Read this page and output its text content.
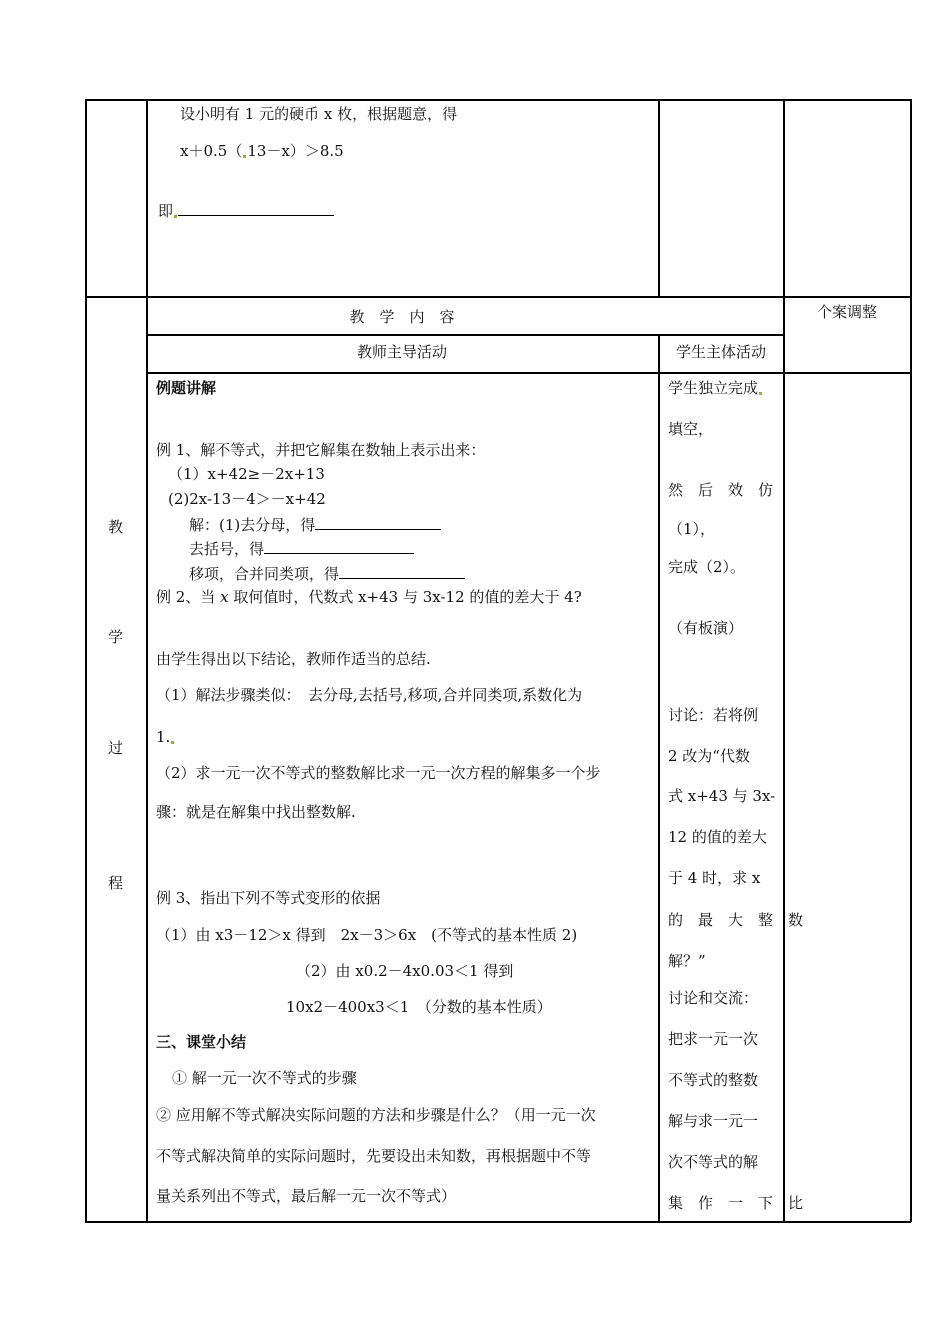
设小明有 1 元的硬币 x 枚，根据题意，得
x＋0.5（ 13－x）＞8.5
即
教　学　内　容	个案调整
教师主导活动	学生主体活动
教
学
过
程
例题讲解
例 1、解不等式，并把它解集在数轴上表示出来：
（1）x+42≥－2x+13
(2)2x-13－4＞－x+42
解：(1)去分母，得
去括号，得
移项，合并同类项，得
例 2、当 x 取何值时，代数式 x+43 与 3x-12 的值的差大于 4?
由学生得出以下结论，教师作适当的总结.
（1）解法步骤类似：　去分母,去括号,移项,合并同类项,系数化为
1.
（2）求一元一次不等式的整数解比求一元一次方程的解集多一个步
骤：就是在解集中找出整数解.
例 3、指出下列不等式变形的依据
（1）由 x3－12＞x 得到　2x－3＞6x　(不等式的基本性质 2)
（2）由 x0.2－4x0.03＜1 得到
10x2－400x3＜1　（分数的基本性质）
三、课堂小结
① 解一元一次不等式的步骤
② 应用解不等式解决实际问题的方法和步骤是什么？（用一元一次
不等式解决简单的实际问题时，先要设出未知数，再根据题中不等
量关系列出不等式，最后解一元一次不等式）
学生独立完成
填空，
然　后　效　仿
（1），
完成（2）。
（有板演）
讨论：若将例
2 改为“代数
式 x+43 与 3x-
12 的值的差大
于 4 时，求 x
的　最　大　整　数
解？”
讨论和交流：
把求一元一次
不等式的整数
解与求一元一
次不等式的解
集　作　一　下　比
